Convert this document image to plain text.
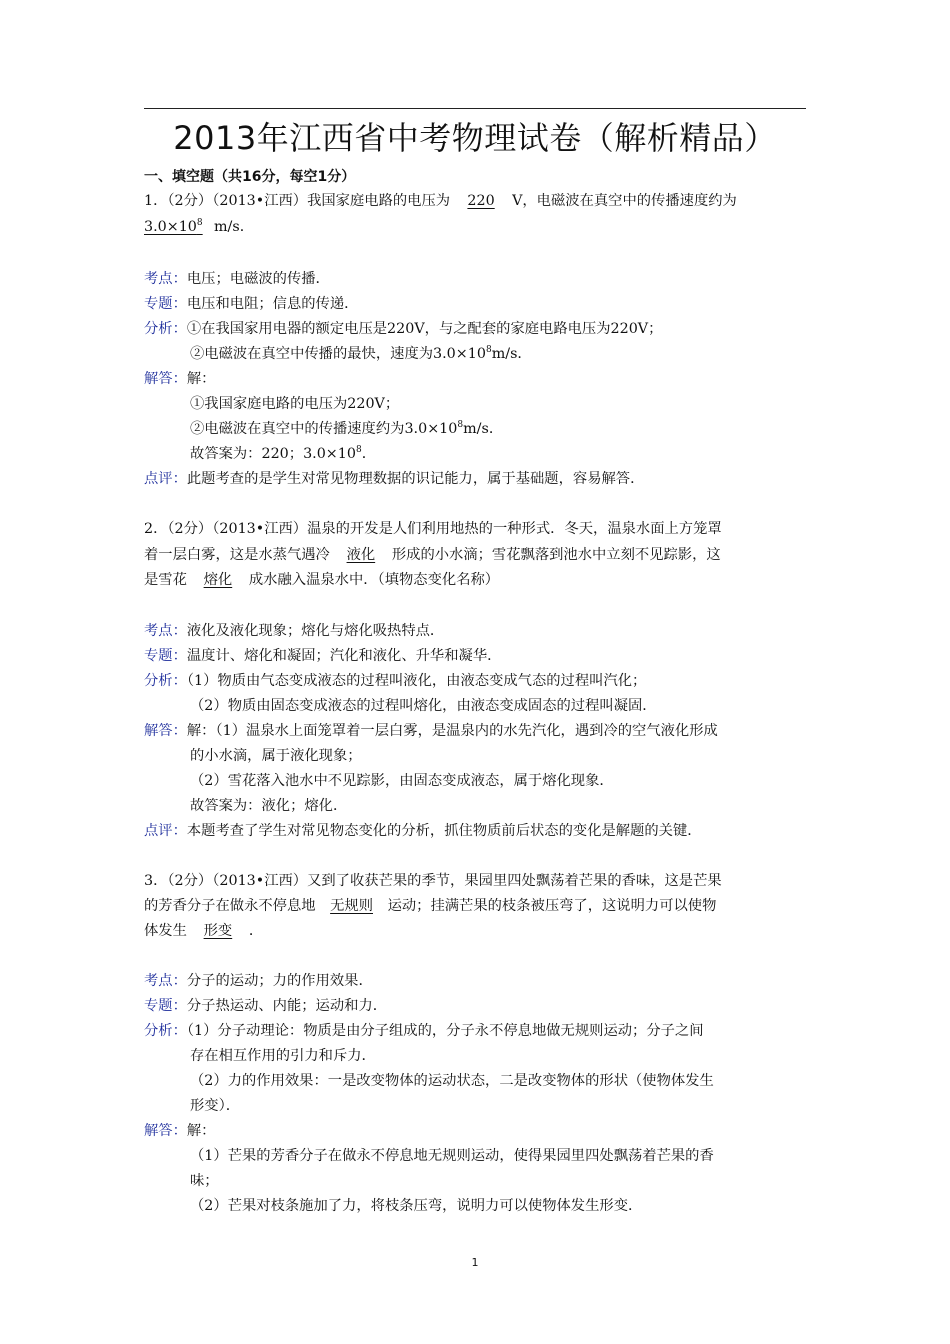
2013年江西省中考物理试卷（解析精品）
一、填空题（共16分，每空1分）
1．（2分）（2013•江西）我国家庭电路的电压为 220 V，电磁波在真空中的传播速度约为
$3.0\times 10^8$ m/s．
考点：电压；电磁波的传播．
专题：电压和电阻；信息的传递．
分析：①在我国家用电器的额定电压是220V，与之配套的家庭电路电压为220V；
②电磁波在真空中传播的最快，速度为$3.0\times 10^8m/s$．
解答：解：
①我国家庭电路的电压为220V；
②电磁波在真空中的传播速度约为$3.0\times 10^8m/s$．
故答案为：220；$3.0\times 10^8$．
点评：此题考查的是学生对常见物理数据的识记能力，属于基础题，容易解答．
2．（2分）（2013•江西）温泉的开发是人们利用地热的一种形式．冬天，温泉水面上方笼罩
着一层白雾，这是水蒸气遇冷 液化 形成的小水滴；雪花飘落到池水中立刻不见踪影，这
是雪花 熔化 成水融入温泉水中．（填物态变化名称）
考点：液化及液化现象；熔化与熔化吸热特点．
专题：温度计、熔化和凝固；汽化和液化、升华和凝华．
分析：（1）物质由气态变成液态的过程叫液化，由液态变成气态的过程叫汽化；
（2）物质由固态变成液态的过程叫熔化，由液态变成固态的过程叫凝固．
解答：解：（1）温泉水上面笼罩着一层白雾，是温泉内的水先汽化，遇到冷的空气液化形成
的小水滴，属于液化现象；
（2）雪花落入池水中不见踪影，由固态变成液态，属于熔化现象．
故答案为：液化；熔化．
点评：本题考查了学生对常见物态变化的分析，抓住物质前后状态的变化是解题的关键．
3．（2分）（2013•江西）又到了收获芒果的季节，果园里四处飘荡着芒果的香味，这是芒果
的芳香分子在做永不停息地 无规则 运动；挂满芒果的枝条被压弯了，这说明力可以使物
体发生 形变 ．
考点：分子的运动；力的作用效果．
专题：分子热运动、内能；运动和力．
分析：（1）分子动理论：物质是由分子组成的，分子永不停息地做无规则运动；分子之间
存在相互作用的引力和斥力．
（2）力的作用效果：一是改变物体的运动状态，二是改变物体的形状（使物体发生
形变）．
解答：解：
（1）芒果的芳香分子在做永不停息地无规则运动，使得果园里四处飘荡着芒果的香
味；
（2）芒果对枝条施加了力，将枝条压弯，说明力可以使物体发生形变．
1
